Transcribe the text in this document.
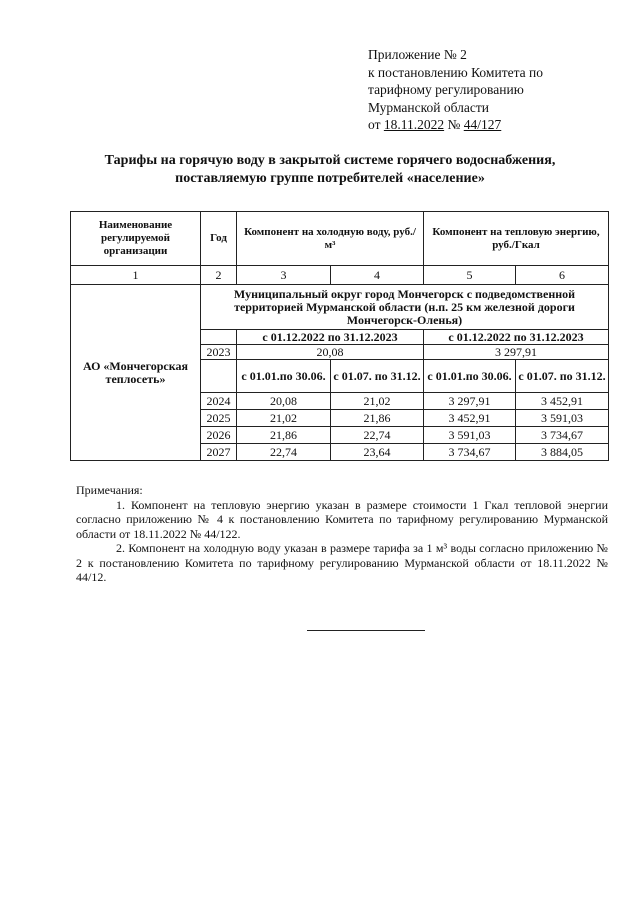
Приложение № 2
к постановлению Комитета по
тарифному регулированию
Мурманской области
от 18.11.2022 № 44/127
Тарифы на горячую воду в закрытой системе горячего водоснабжения,
поставляемую группе потребителей «население»
Наименование регулируемой организации	Год	Компонент на холодную воду, руб./м³		Компонент на тепловую энергию, руб./Гкал	
1	2	3	4	5	6
АО «Мончегорская теплосеть»	Муниципальный округ город Мончегорск с подведомственной территорией Мурманской области (н.п. 25 км железной дороги Мончегорск-Оленья)				
		с 01.12.2022 по 31.12.2023		с 01.12.2022 по 31.12.2023	
	2023	20,08		3 297,91	
		с 01.01.по 30.06.	с 01.07. по 31.12.	с 01.01.по 30.06.	с 01.07. по 31.12.
	2024	20,08	21,02	3 297,91	3 452,91
	2025	21,02	21,86	3 452,91	3 591,03
	2026	21,86	22,74	3 591,03	3 734,67
	2027	22,74	23,64	3 734,67	3 884,05

Примечания:

1. Компонент на тепловую энергию указан в размере стоимости 1 Гкал тепловой энергии согласно приложению № 4 к постановлению Комитета по тарифному регулированию Мурманской области от 18.11.2022 № 44/122.

2. Компонент на холодную воду указан в размере тарифа за 1 м³ воды согласно приложению № 2 к постановлению Комитета по тарифному регулированию Мурманской области от 18.11.2022 № 44/12.
